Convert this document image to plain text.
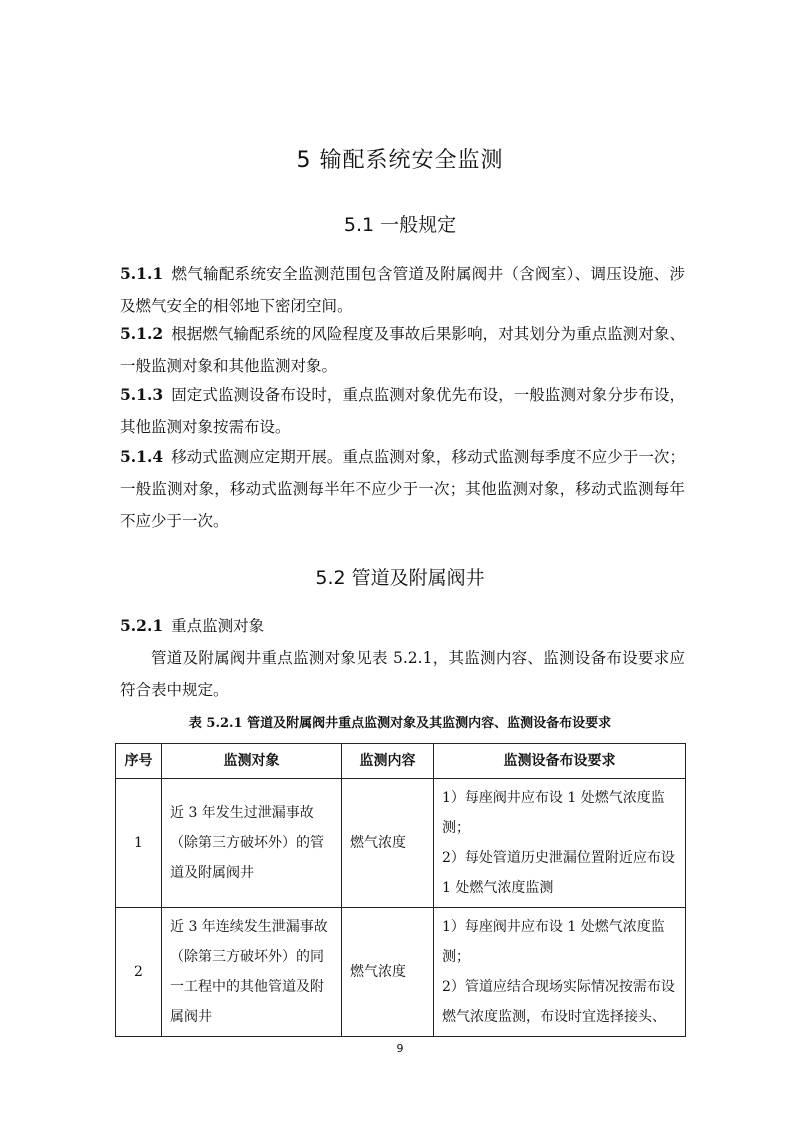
5 输配系统安全监测
5.1 一般规定
5.1.1 燃气输配系统安全监测范围包含管道及附属阀井（含阀室）、调压设施、涉及燃气安全的相邻地下密闭空间。
5.1.2 根据燃气输配系统的风险程度及事故后果影响，对其划分为重点监测对象、一般监测对象和其他监测对象。
5.1.3 固定式监测设备布设时，重点监测对象优先布设，一般监测对象分步布设，其他监测对象按需布设。
5.1.4 移动式监测应定期开展。重点监测对象，移动式监测每季度不应少于一次；一般监测对象，移动式监测每半年不应少于一次；其他监测对象，移动式监测每年不应少于一次。
5.2 管道及附属阀井
5.2.1 重点监测对象
管道及附属阀井重点监测对象见表 5.2.1，其监测内容、监测设备布设要求应符合表中规定。
表 5.2.1 管道及附属阀井重点监测对象及其监测内容、监测设备布设要求
序号	监测对象	监测内容	监测设备布设要求
1	近 3 年发生过泄漏事故（除第三方破坏外）的管道及附属阀井	燃气浓度	1）每座阀井应布设 1 处燃气浓度监测；
2）每处管道历史泄漏位置附近应布设 1 处燃气浓度监测

2	近 3 年连续发生泄漏事故（除第三方破坏外）的同一工程中的其他管道及附属阀井	燃气浓度	1）每座阀井应布设 1 处燃气浓度监测；
2）管道应结合现场实际情况按需布设燃气浓度监测，布设时宜选择接头、
9
